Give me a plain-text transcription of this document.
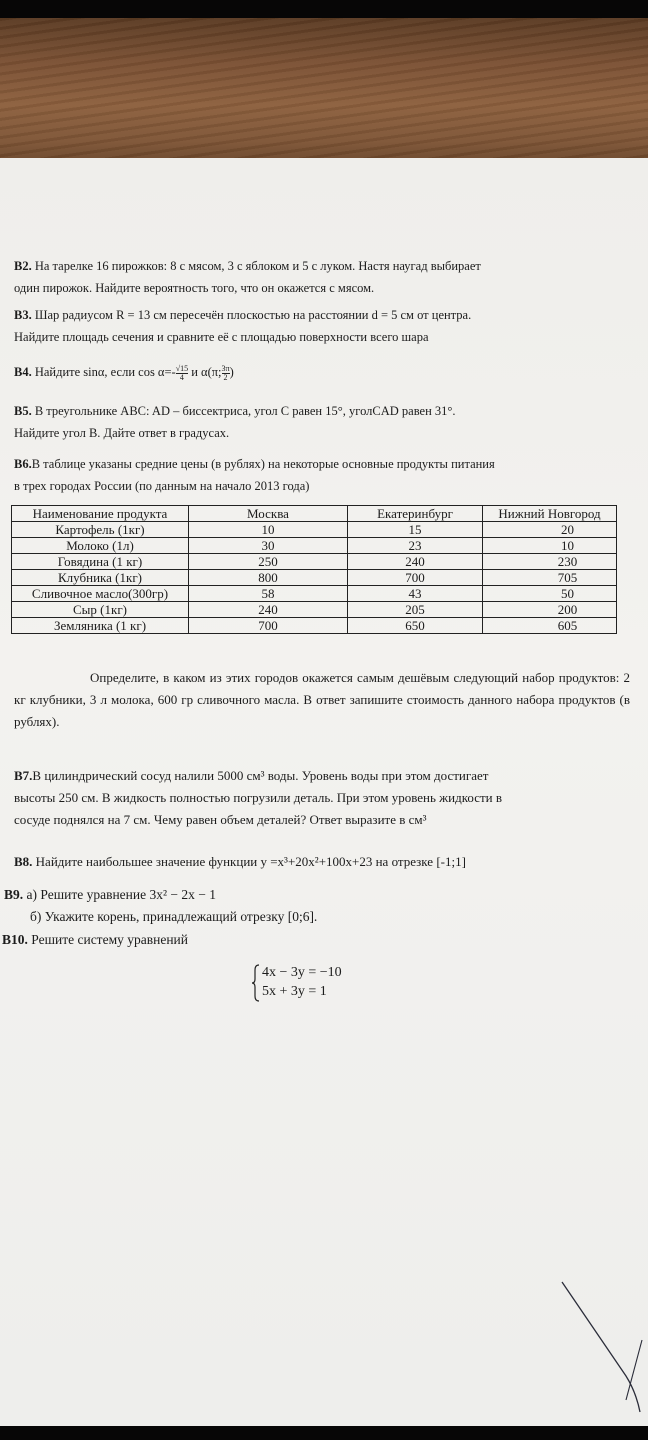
B2. На тарелке 16 пирожков: 8 с мясом, 3 с яблоком и 5 с луком. Настя наугад выбирает
один пирожок. Найдите вероятность того, что он окажется с мясом.
B3. Шар радиусом R = 13 см пересечён плоскостью на расстоянии d = 5 см от центра.
Найдите площадь сечения и сравните её с площадью поверхности всего шара
B4. Найдите sinα, если $\cos \alpha=- \frac{√15}{4}$ и α(π; $\frac{3\pi}{2}$ )
B5. В треугольнике ABC: AD – биссектриса, угол C равен 15°, уголCAD равен 31°.
Найдите угол B. Дайте ответ в градусах.
B6.В таблице указаны средние цены (в рублях) на некоторые основные продукты питания
в трех городах России (по данным на начало 2013 года)
Наименование продукта	Москва	Екатеринбург	Нижний Новгород
Картофель (1кг)	10	15	20
Молоко (1л)	30	23	10
Говядина (1 кг)	250	240	230
Клубника (1кг)	800	700	705
Сливочное масло(300гр)	58	43	50
Сыр (1кг)	240	205	200
Земляника (1 кг)	700	650	605
Определите, в каком из этих городов окажется самым дешёвым следующий набор продуктов: 2 кг клубники, 3 л молока, 600 гр сливочного масла. В ответ запишите стоимость данного набора продуктов (в рублях).
B7.В цилиндрический сосуд налили 5000 см³ воды. Уровень воды при этом достигает
высоты 250 см. В жидкость полностью погрузили деталь. При этом уровень жидкости в
сосуде поднялся на 7 см. Чему равен объем деталей? Ответ выразите в см³
B8. Найдите наибольшее значение функции y =x³+20x²+100x+23 на отрезке [-1;1]
B9. а) Решите уравнение 3x² − 2x − 1
б) Укажите корень, принадлежащий отрезку [0;6].
B10. Решите систему уравнений
4x − 3y = −10
5x + 3y = 1
